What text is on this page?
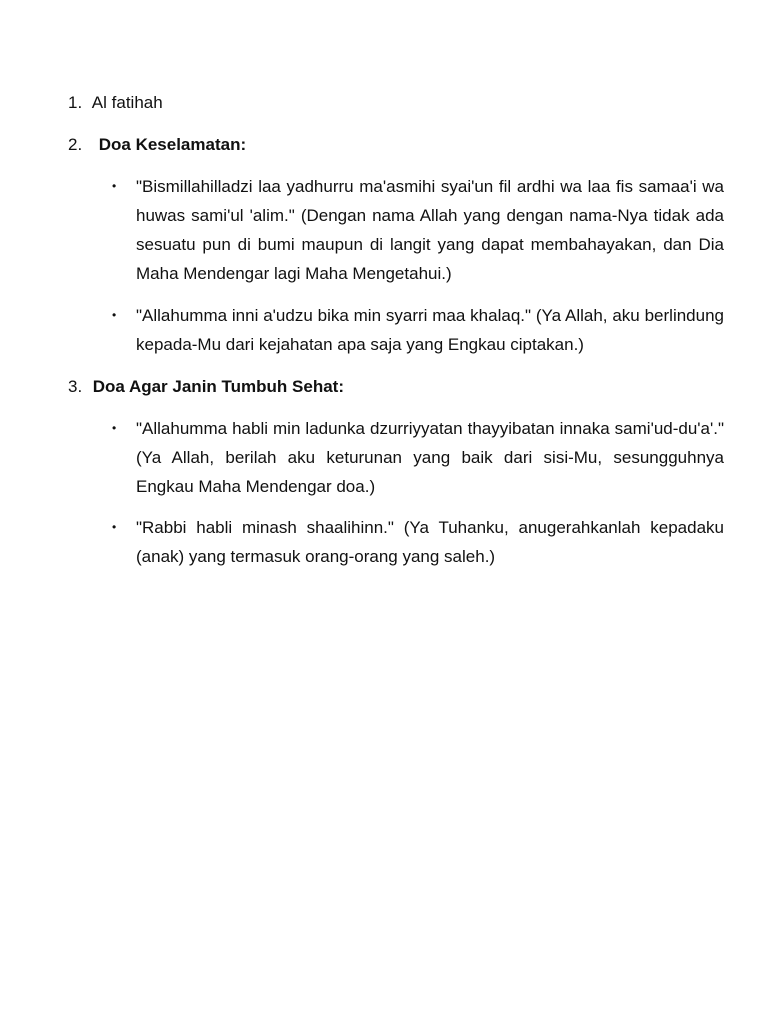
1. Al fatihah
2. Doa Keselamatan:
•	"Bismillahilladzi laa yadhurru ma'asmihi syai'un fil ardhi wa laa fis samaa'i wa huwas sami'ul 'alim." (Dengan nama Allah yang dengan nama-Nya tidak ada sesuatu pun di bumi maupun di langit yang dapat membahayakan, dan Dia Maha Mendengar lagi Maha Mengetahui.)
•	"Allahumma inni a'udzu bika min syarri maa khalaq." (Ya Allah, aku berlindung kepada-Mu dari kejahatan apa saja yang Engkau ciptakan.)
3. Doa Agar Janin Tumbuh Sehat:
•	"Allahumma habli min ladunka dzurriyyatan thayyibatan innaka sami'ud-du'a'." (Ya Allah, berilah aku keturunan yang baik dari sisi-Mu, sesungguhnya Engkau Maha Mendengar doa.)
•	"Rabbi habli minash shaalihinn." (Ya Tuhanku, anugerahkanlah kepadaku (anak) yang termasuk orang-orang yang saleh.)
